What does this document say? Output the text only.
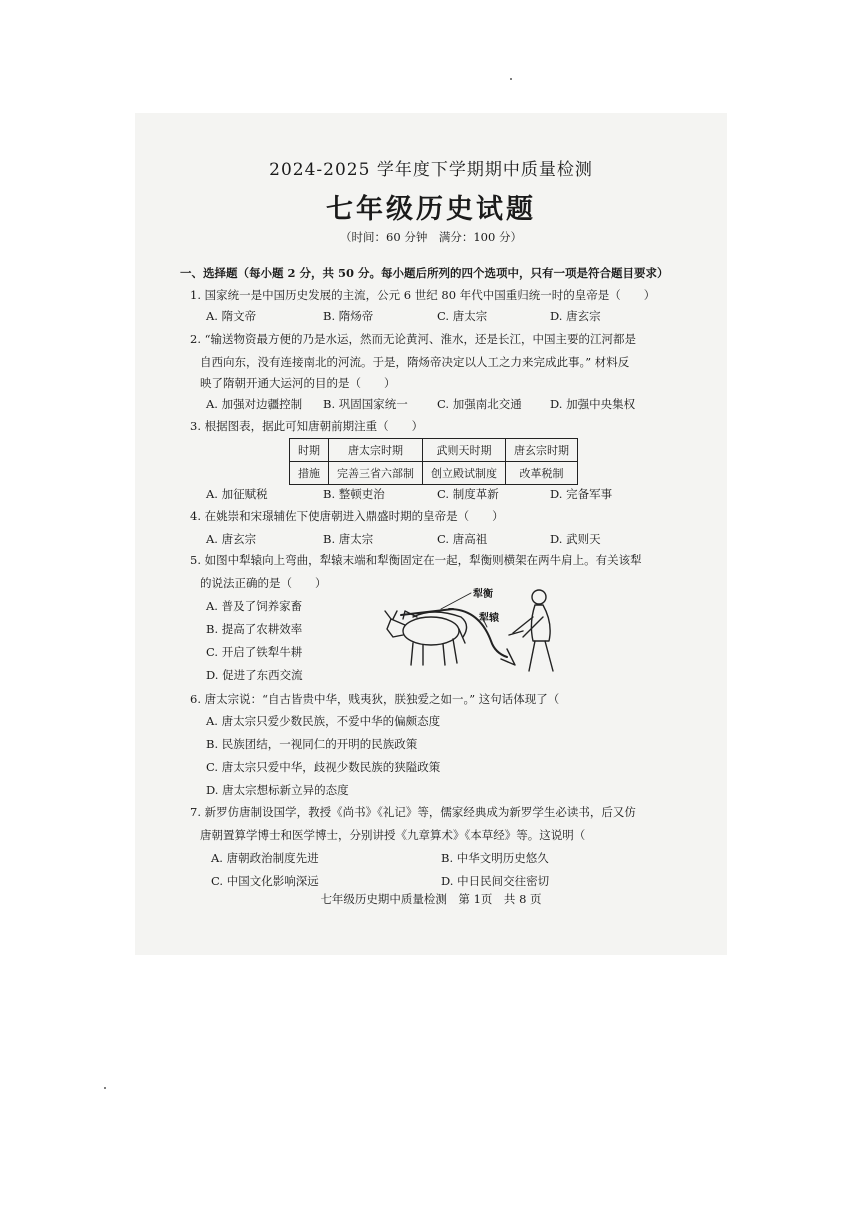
2024-2025 学年度下学期期中质量检测
七年级历史试题
（时间：60 分钟　满分：100 分）
一、选择题（每小题 2 分，共 50 分。每小题后所列的四个选项中，只有一项是符合题目要求）
1. 国家统一是中国历史发展的主流，公元 6 世纪 80 年代中国重归统一时的皇帝是（　　）
A. 隋文帝	B. 隋炀帝	C. 唐太宗	D. 唐玄宗
2. “输送物资最方便的乃是水运，然而无论黄河、淮水，还是长江，中国主要的江河都是
自西向东，没有连接南北的河流。于是，隋炀帝决定以人工之力来完成此事。” 材料反
映了隋朝开通大运河的目的是（　　）
A. 加强对边疆控制 B. 巩固国家统一	C. 加强南北交通 D. 加强中央集权
3. 根据图表，据此可知唐朝前期注重（　　）
时期	唐太宗时期	武则天时期	唐玄宗时期
措施	完善三省六部制	创立殿试制度	改革税制
A. 加征赋税	B. 整顿吏治	C. 制度革新	D. 完备军事
4. 在姚崇和宋璟辅佐下使唐朝进入鼎盛时期的皇帝是（　　）
A. 唐玄宗	B. 唐太宗	C. 唐高祖	D. 武则天
5. 如图中犁辕向上弯曲，犁辕末端和犁衡固定在一起，犁衡则横架在两牛肩上。有关该犁
的说法正确的是（　　）
A. 普及了饲养家畜
B. 提高了农耕效率
C. 开启了铁犁牛耕
D. 促进了东西交流
犁衡
犁辕
6. 唐太宗说：“自古皆贵中华，贱夷狄，朕独爱之如一。” 这句话体现了（
A. 唐太宗只爱少数民族，不爱中华的偏颇态度
B. 民族团结，一视同仁的开明的民族政策
C. 唐太宗只爱中华，歧视少数民族的狭隘政策
D. 唐太宗想标新立异的态度
7. 新罗仿唐制设国学，教授《尚书》《礼记》等，儒家经典成为新罗学生必读书，后又仿
唐朝置算学博士和医学博士，分别讲授《九章算术》《本草经》等。这说明（
A. 唐朝政治制度先进	B. 中华文明历史悠久
C. 中国文化影响深远	D. 中日民间交往密切
七年级历史期中质量检测　第 1页　共 8 页
